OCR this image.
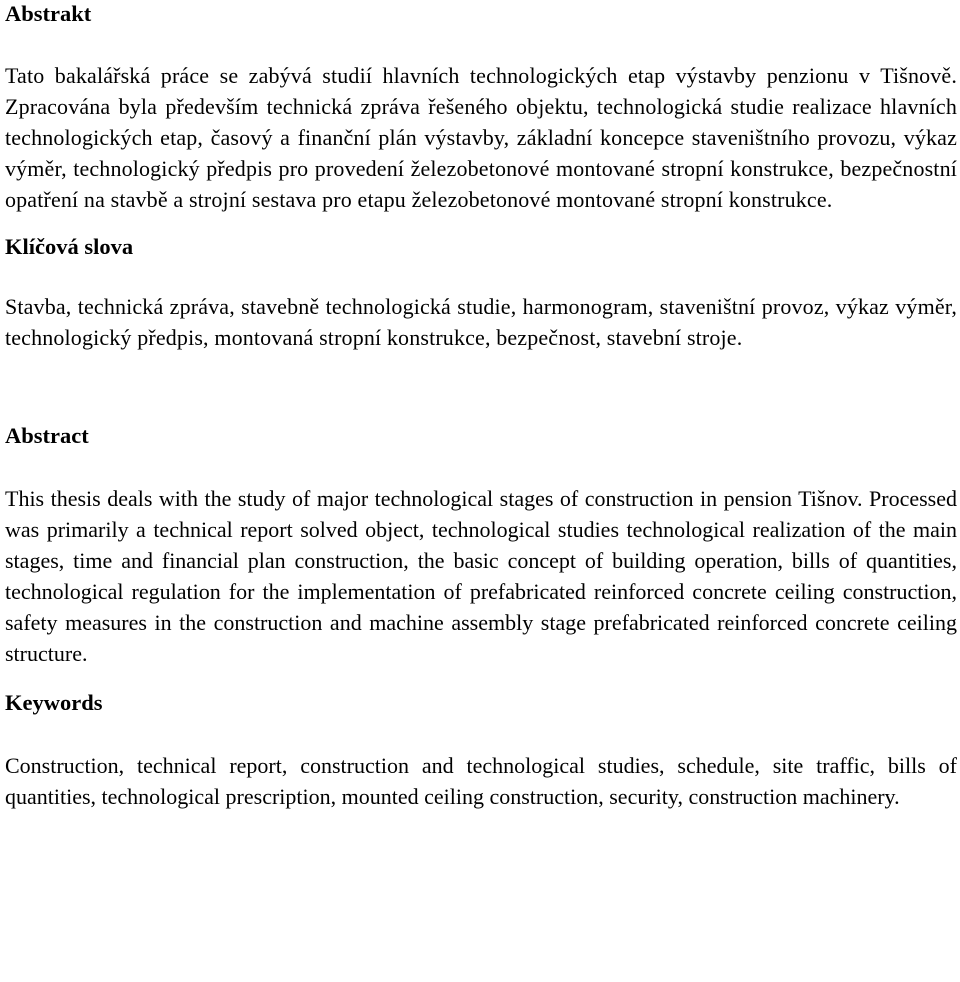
Abstrakt

Tato bakalářská práce se zabývá studií hlavních technologických etap výstavby penzionu v Tišnově. Zpracována byla především technická zpráva řešeného objektu, technologická studie realizace hlavních technologických etap, časový a finanční plán výstavby, základní koncepce staveništního provozu, výkaz výměr, technologický předpis pro provedení železobetonové montované stropní konstrukce, bezpečnostní opatření na stavbě a strojní sestava pro etapu železobetonové montované stropní konstrukce.

Klíčová slova

Stavba, technická zpráva, stavebně technologická studie, harmonogram, staveništní provoz, výkaz výměr, technologický předpis, montovaná stropní konstrukce, bezpečnost, stavební stroje.

Abstract

This thesis deals with the study of major technological stages of construction in pension Tišnov. Processed was primarily a technical report solved object, technological studies technological realization of the main stages, time and financial plan construction, the basic concept of building operation, bills of quantities, technological regulation for the implementation of prefabricated reinforced concrete ceiling construction, safety measures in the construction and machine assembly stage prefabricated reinforced concrete ceiling structure.

Keywords

Construction, technical report, construction and technological studies, schedule, site traffic, bills of quantities, technological prescription, mounted ceiling construction, security, construction machinery.
